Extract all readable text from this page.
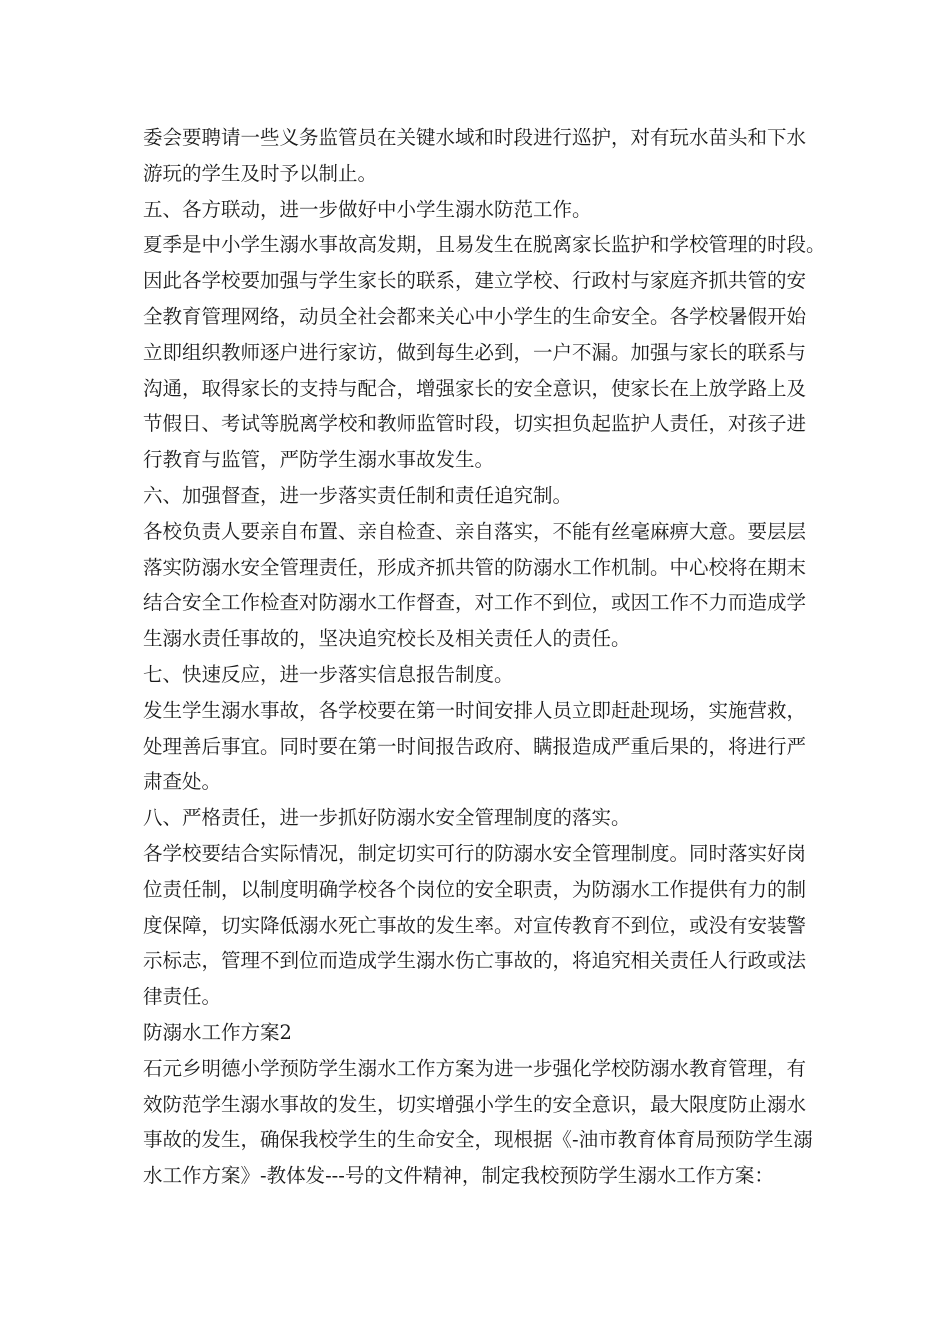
委会要聘请一些义务监管员在关键水域和时段进行巡护，对有玩水苗头和下水
游玩的学生及时予以制止。
五、各方联动，进一步做好中小学生溺水防范工作。
夏季是中小学生溺水事故高发期，且易发生在脱离家长监护和学校管理的时段。
因此各学校要加强与学生家长的联系，建立学校、行政村与家庭齐抓共管的安
全教育管理网络，动员全社会都来关心中小学生的生命安全。各学校暑假开始
立即组织教师逐户进行家访，做到每生必到，一户不漏。加强与家长的联系与
沟通，取得家长的支持与配合，增强家长的安全意识，使家长在上放学路上及
节假日、考试等脱离学校和教师监管时段，切实担负起监护人责任，对孩子进
行教育与监管，严防学生溺水事故发生。
六、加强督查，进一步落实责任制和责任追究制。
各校负责人要亲自布置、亲自检查、亲自落实，不能有丝毫麻痹大意。要层层
落实防溺水安全管理责任，形成齐抓共管的防溺水工作机制。中心校将在期末
结合安全工作检查对防溺水工作督查，对工作不到位，或因工作不力而造成学
生溺水责任事故的，坚决追究校长及相关责任人的责任。
七、快速反应，进一步落实信息报告制度。
发生学生溺水事故，各学校要在第一时间安排人员立即赶赴现场，实施营救，
处理善后事宜。同时要在第一时间报告政府、瞒报造成严重后果的，将进行严
肃查处。
八、严格责任，进一步抓好防溺水安全管理制度的落实。
各学校要结合实际情况，制定切实可行的防溺水安全管理制度。同时落实好岗
位责任制，以制度明确学校各个岗位的安全职责，为防溺水工作提供有力的制
度保障，切实降低溺水死亡事故的发生率。对宣传教育不到位，或没有安装警
示标志，管理不到位而造成学生溺水伤亡事故的，将追究相关责任人行政或法
律责任。
防溺水工作方案2
石元乡明德小学预防学生溺水工作方案为进一步强化学校防溺水教育管理，有
效防范学生溺水事故的发生，切实增强小学生的安全意识，最大限度防止溺水
事故的发生，确保我校学生的生命安全，现根据《-油市教育体育局预防学生溺
水工作方案》-教体发---号的文件精神，制定我校预防学生溺水工作方案：
